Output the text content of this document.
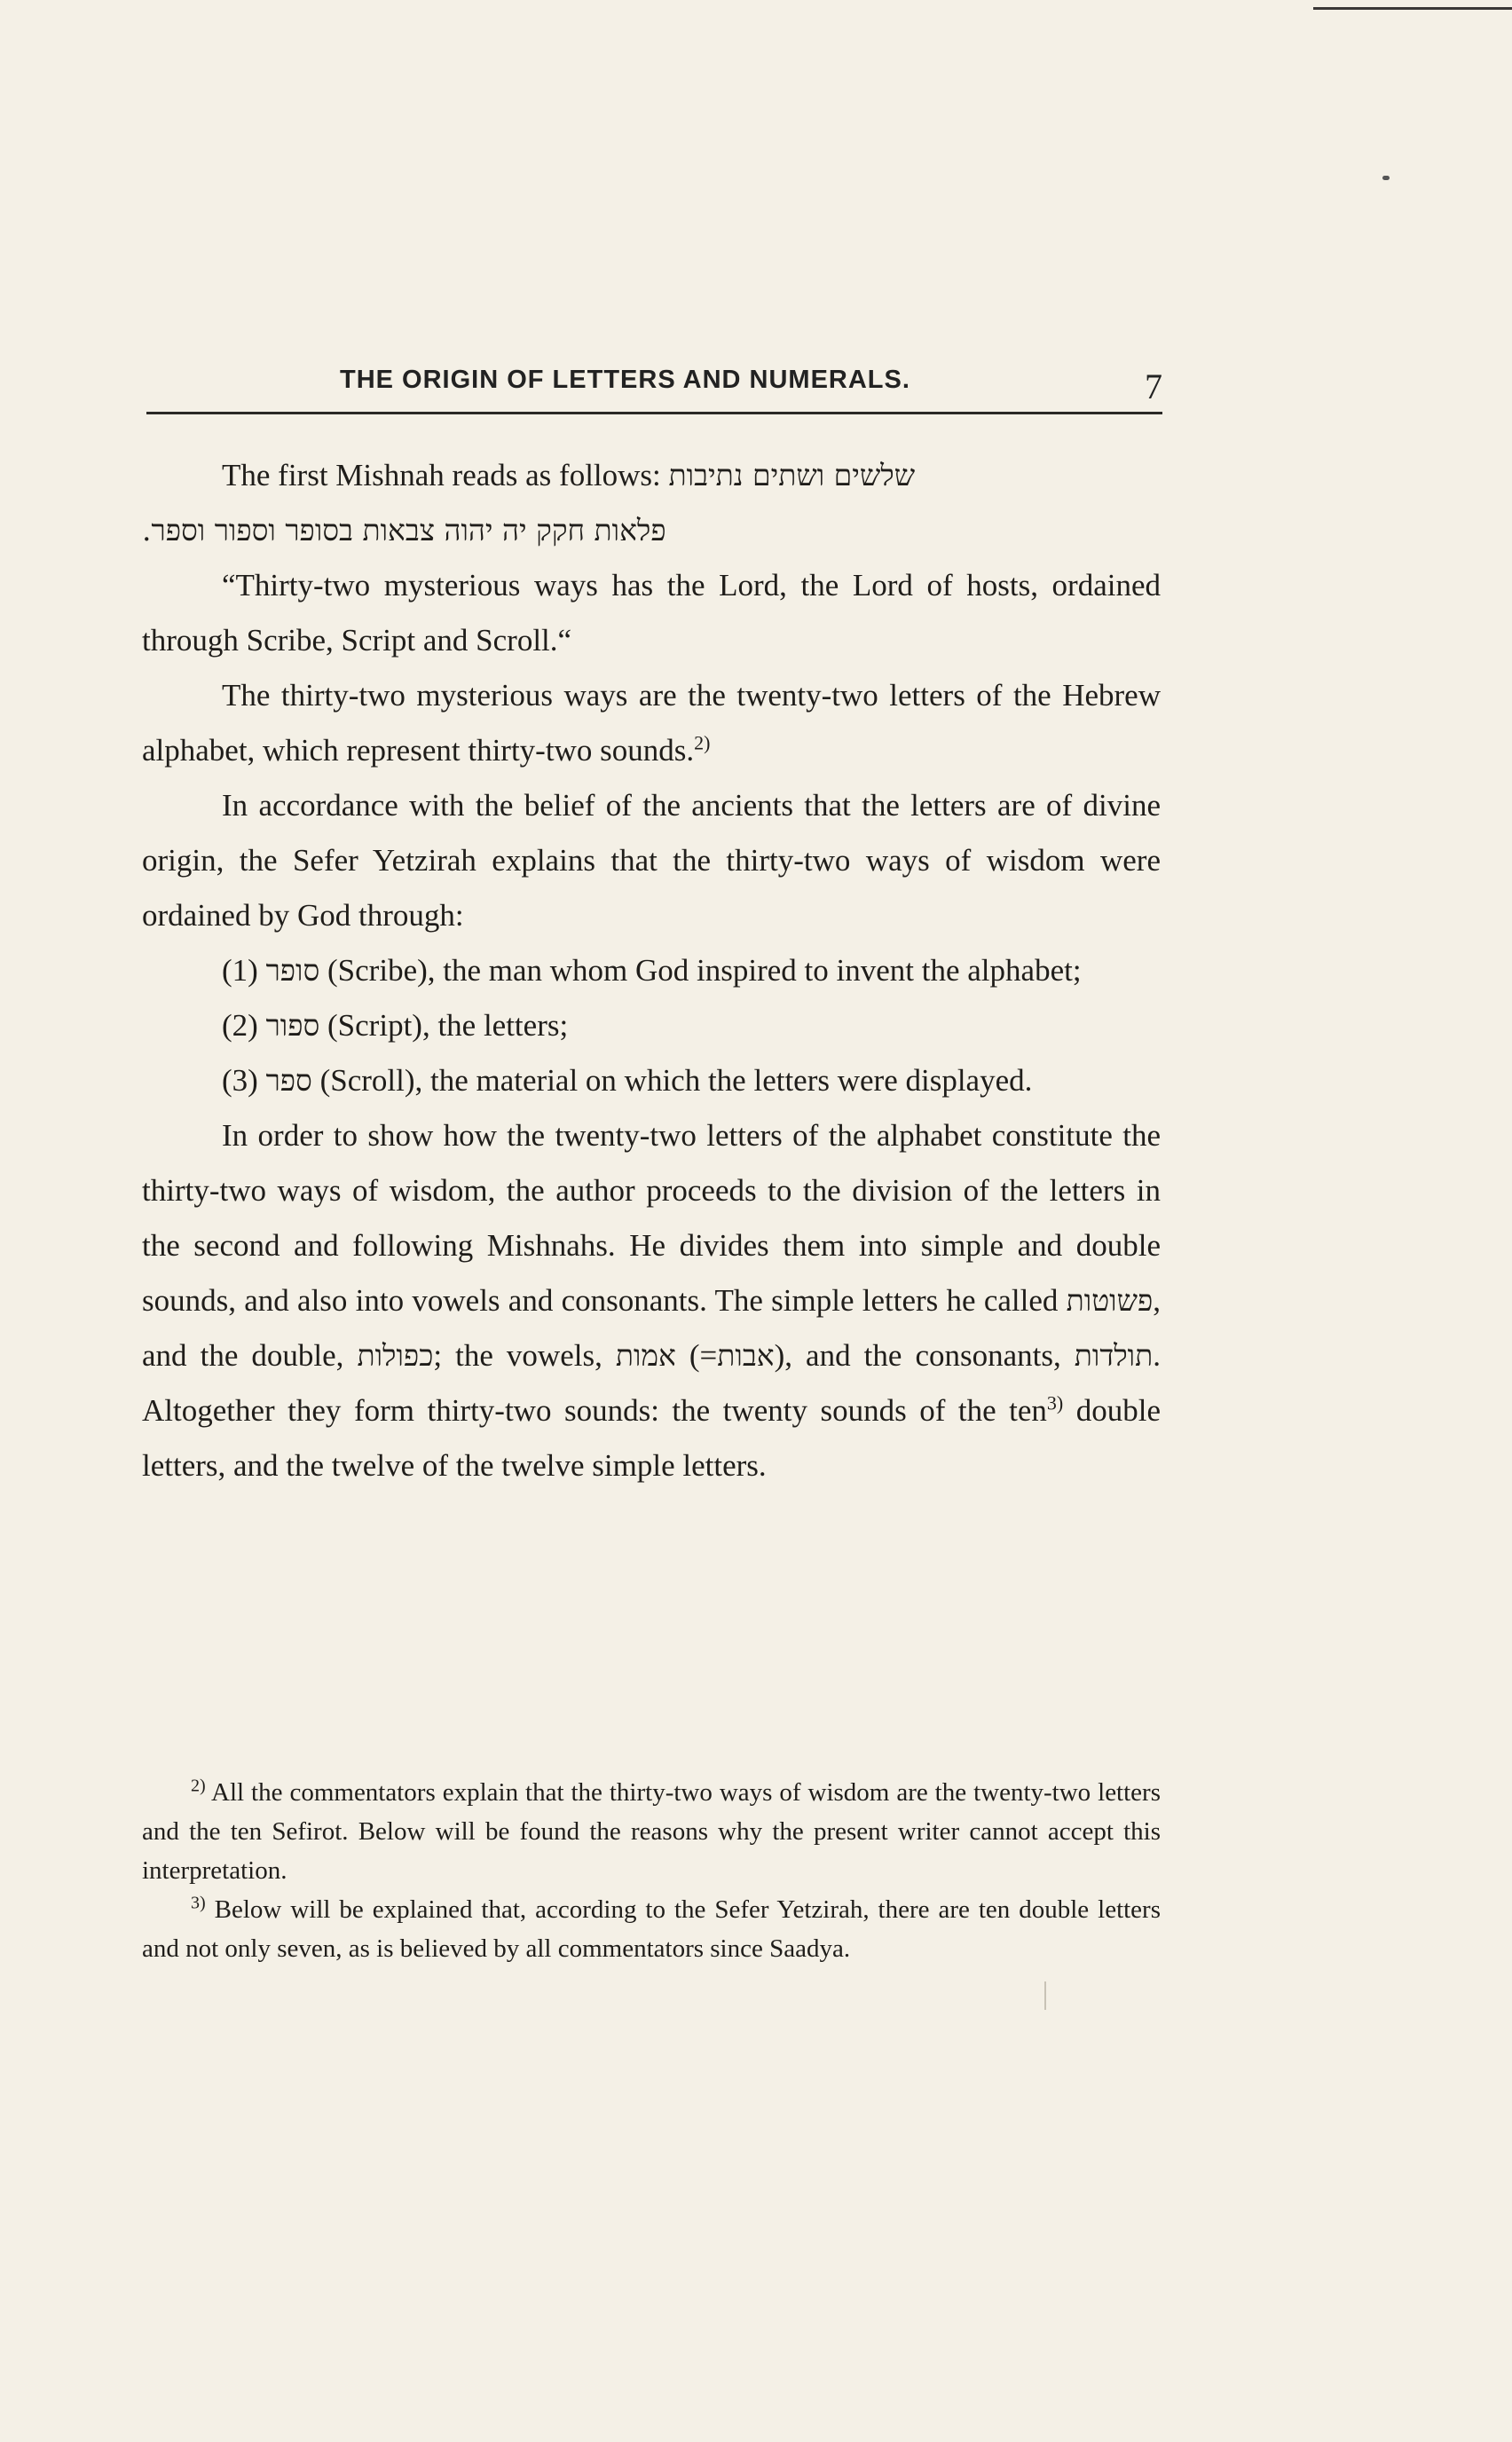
THE ORIGIN OF LETTERS AND NUMERALS.	7

The first Mishnah reads as follows: שלשים ושתים נתיבות

פלאות חקק יה יהוה צבאות בסופר וספור וספר.

“Thirty-two mysterious ways has the Lord, the Lord of hosts, ordained through Scribe, Script and Scroll.“

The thirty-two mysterious ways are the twenty-two letters of the Hebrew alphabet, which represent thirty-two sounds.$^{2)}$

In accordance with the belief of the ancients that the letters are of divine origin, the Sefer Yetzirah explains that the thirty-two ways of wisdom were ordained by God through:

(1) סופר (Scribe), the man whom God inspired to invent the alphabet;

(2) ספור (Script), the letters;

(3) ספר (Scroll), the material on which the letters were displayed.

In order to show how the twenty-two letters of the alphabet constitute the thirty-two ways of wisdom, the author proceeds to the division of the letters in the second and following Mishnahs. He divides them into simple and double sounds, and also into vowels and consonants. The simple letters he called פשוטות, and the double, כפולות; the vowels, אמות (=אבות), and the consonants, תולדות. Altogether they form thirty-two sounds: the twenty sounds of the ten$^{3)}$ double letters, and the twelve of the twelve simple letters.

$^{2)}$ All the commentators explain that the thirty-two ways of wisdom are the twenty-two letters and the ten Sefirot. Below will be found the reasons why the present writer cannot accept this interpretation.

$^{3)}$ Below will be explained that, according to the Sefer Yetzirah, there are ten double letters and not only seven, as is believed by all commentators since Saadya.
